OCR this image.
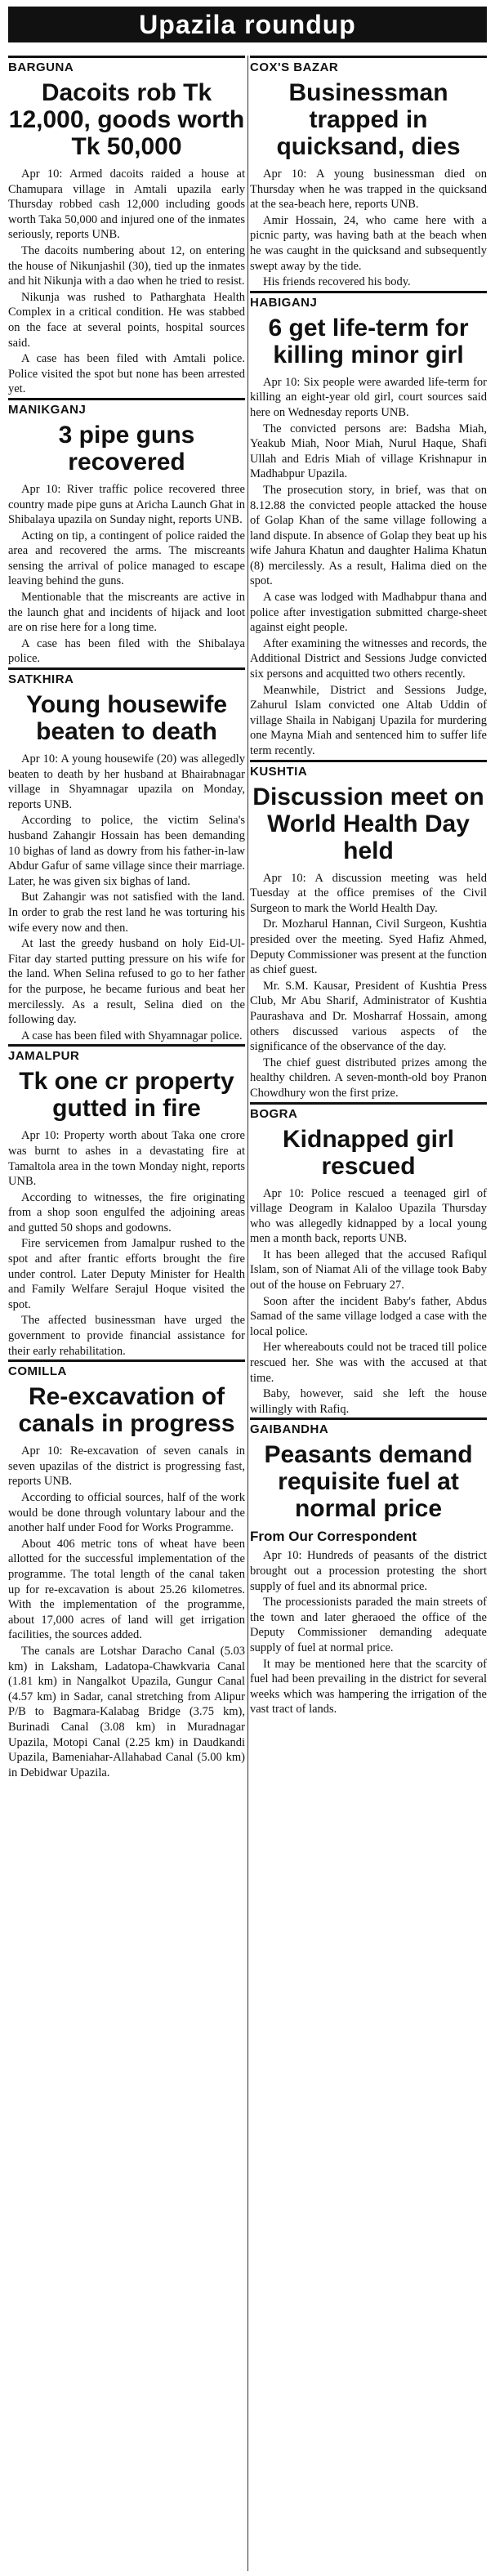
Upazila roundup
BARGUNA
Dacoits rob Tk 12,000, goods worth Tk 50,000

Apr 10: Armed dacoits raided a house at Chamupara village in Amtali upazila early Thursday robbed cash 12,000 including goods worth Taka 50,000 and injured one of the inmates seriously, reports UNB.

The dacoits numbering about 12, on entering the house of Nikunjashil (30), tied up the inmates and hit Nikunja with a dao when he tried to resist.

Nikunja was rushed to Patharghata Health Complex in a critical condition. He was stabbed on the face at several points, hospital sources said.

A case has been filed with Amtali police. Police visited the spot but none has been arrested yet.

MANIKGANJ
3 pipe guns recovered

Apr 10: River traffic police recovered three country made pipe guns at Aricha Launch Ghat in Shibalaya upazila on Sunday night, reports UNB.

Acting on tip, a contingent of police raided the area and recovered the arms. The miscreants sensing the arrival of police managed to escape leaving behind the guns.

Mentionable that the miscreants are active in the launch ghat and incidents of hijack and loot are on rise here for a long time.

A case has been filed with the Shibalaya police.

SATKHIRA
Young housewife beaten to death

Apr 10: A young housewife (20) was allegedly beaten to death by her husband at Bhairabnagar village in Shyamnagar upazila on Monday, reports UNB.

According to police, the victim Selina's husband Zahangir Hossain has been demanding 10 bighas of land as dowry from his father-in-law Abdur Gafur of same village since their marriage. Later, he was given six bighas of land.

But Zahangir was not satisfied with the land. In order to grab the rest land he was torturing his wife every now and then.

At last the greedy husband on holy Eid-Ul-Fitar day started putting pressure on his wife for the land. When Selina refused to go to her father for the purpose, he became furious and beat her mercilessly. As a result, Selina died on the following day.

A case has been filed with Shyamnagar police.

JAMALPUR
Tk one cr property gutted in fire

Apr 10: Property worth about Taka one crore was burnt to ashes in a devastating fire at Tamaltola area in the town Monday night, reports UNB.

According to witnesses, the fire originating from a shop soon engulfed the adjoining areas and gutted 50 shops and godowns.

Fire servicemen from Jamalpur rushed to the spot and after frantic efforts brought the fire under control. Later Deputy Minister for Health and Family Welfare Serajul Hoque visited the spot.

The affected businessman have urged the government to provide financial assistance for their early rehabilitation.

COMILLA
Re-excavation of canals in progress

Apr 10: Re-excavation of seven canals in seven upazilas of the district is progressing fast, reports UNB.

According to official sources, half of the work would be done through voluntary labour and the another half under Food for Works Programme.

About 406 metric tons of wheat have been allotted for the successful implementation of the programme. The total length of the canal taken up for re-excavation is about 25.26 kilometres. With the implementation of the programme, about 17,000 acres of land will get irrigation facilities, the sources added.

The canals are Lotshar Daracho Canal (5.03 km) in Laksham, Ladatopa-Chawkvaria Canal (1.81 km) in Nangalkot Upazila, Gungur Canal (4.57 km) in Sadar, canal stretching from Alipur P/B to Bagmara-Kalabag Bridge (3.75 km), Burinadi Canal (3.08 km) in Muradnagar Upazila, Motopi Canal (2.25 km) in Daudkandi Upazila, Bameniahar-Allahabad Canal (5.00 km) in Debidwar Upazila.

COX'S BAZAR
Businessman trapped in quicksand, dies

Apr 10: A young businessman died on Thursday when he was trapped in the quicksand at the sea-beach here, reports UNB.

Amir Hossain, 24, who came here with a picnic party, was having bath at the beach when he was caught in the quicksand and subsequently swept away by the tide.

His friends recovered his body.

HABIGANJ
6 get life-term for killing minor girl

Apr 10: Six people were awarded life-term for killing an eight-year old girl, court sources said here on Wednesday reports UNB.

The convicted persons are: Badsha Miah, Yeakub Miah, Noor Miah, Nurul Haque, Shafi Ullah and Edris Miah of village Krishnapur in Madhabpur Upazila.

The prosecution story, in brief, was that on 8.12.88 the convicted people attacked the house of Golap Khan of the same village following a land dispute. In absence of Golap they beat up his wife Jahura Khatun and daughter Halima Khatun (8) mercilessly. As a result, Halima died on the spot.

A case was lodged with Madhabpur thana and police after investigation submitted charge-sheet against eight people.

After examining the witnesses and records, the Additional District and Sessions Judge convicted six persons and acquitted two others recently.

Meanwhile, District and Sessions Judge, Zahurul Islam convicted one Altab Uddin of village Shaila in Nabiganj Upazila for murdering one Mayna Miah and sentenced him to suffer life term recently.

KUSHTIA
Discussion meet on World Health Day held

Apr 10: A discussion meeting was held Tuesday at the office premises of the Civil Surgeon to mark the World Health Day.

Dr. Mozharul Hannan, Civil Surgeon, Kushtia presided over the meeting. Syed Hafiz Ahmed, Deputy Commissioner was present at the function as chief guest.

Mr. S.M. Kausar, President of Kushtia Press Club, Mr Abu Sharif, Administrator of Kushtia Paurashava and Dr. Mosharraf Hossain, among others discussed various aspects of the significance of the observance of the day.

The chief guest distributed prizes among the healthy children. A seven-month-old boy Pranon Chowdhury won the first prize.

BOGRA
Kidnapped girl rescued

Apr 10: Police rescued a teenaged girl of village Deogram in Kalaloo Upazila Thursday who was allegedly kidnapped by a local young men a month back, reports UNB.

It has been alleged that the accused Rafiqul Islam, son of Niamat Ali of the village took Baby out of the house on February 27.

Soon after the incident Baby's father, Abdus Samad of the same village lodged a case with the local police.

Her whereabouts could not be traced till police rescued her. She was with the accused at that time.

Baby, however, said she left the house willingly with Rafiq.

GAIBANDHA
Peasants demand requisite fuel at normal price
From Our Correspondent

Apr 10: Hundreds of peasants of the district brought out a procession protesting the short supply of fuel and its abnormal price.

The processionists paraded the main streets of the town and later gheraoed the office of the Deputy Commissioner demanding adequate supply of fuel at normal price.

It may be mentioned here that the scarcity of fuel had been prevailing in the district for several weeks which was hampering the irrigation of the vast tract of lands.
